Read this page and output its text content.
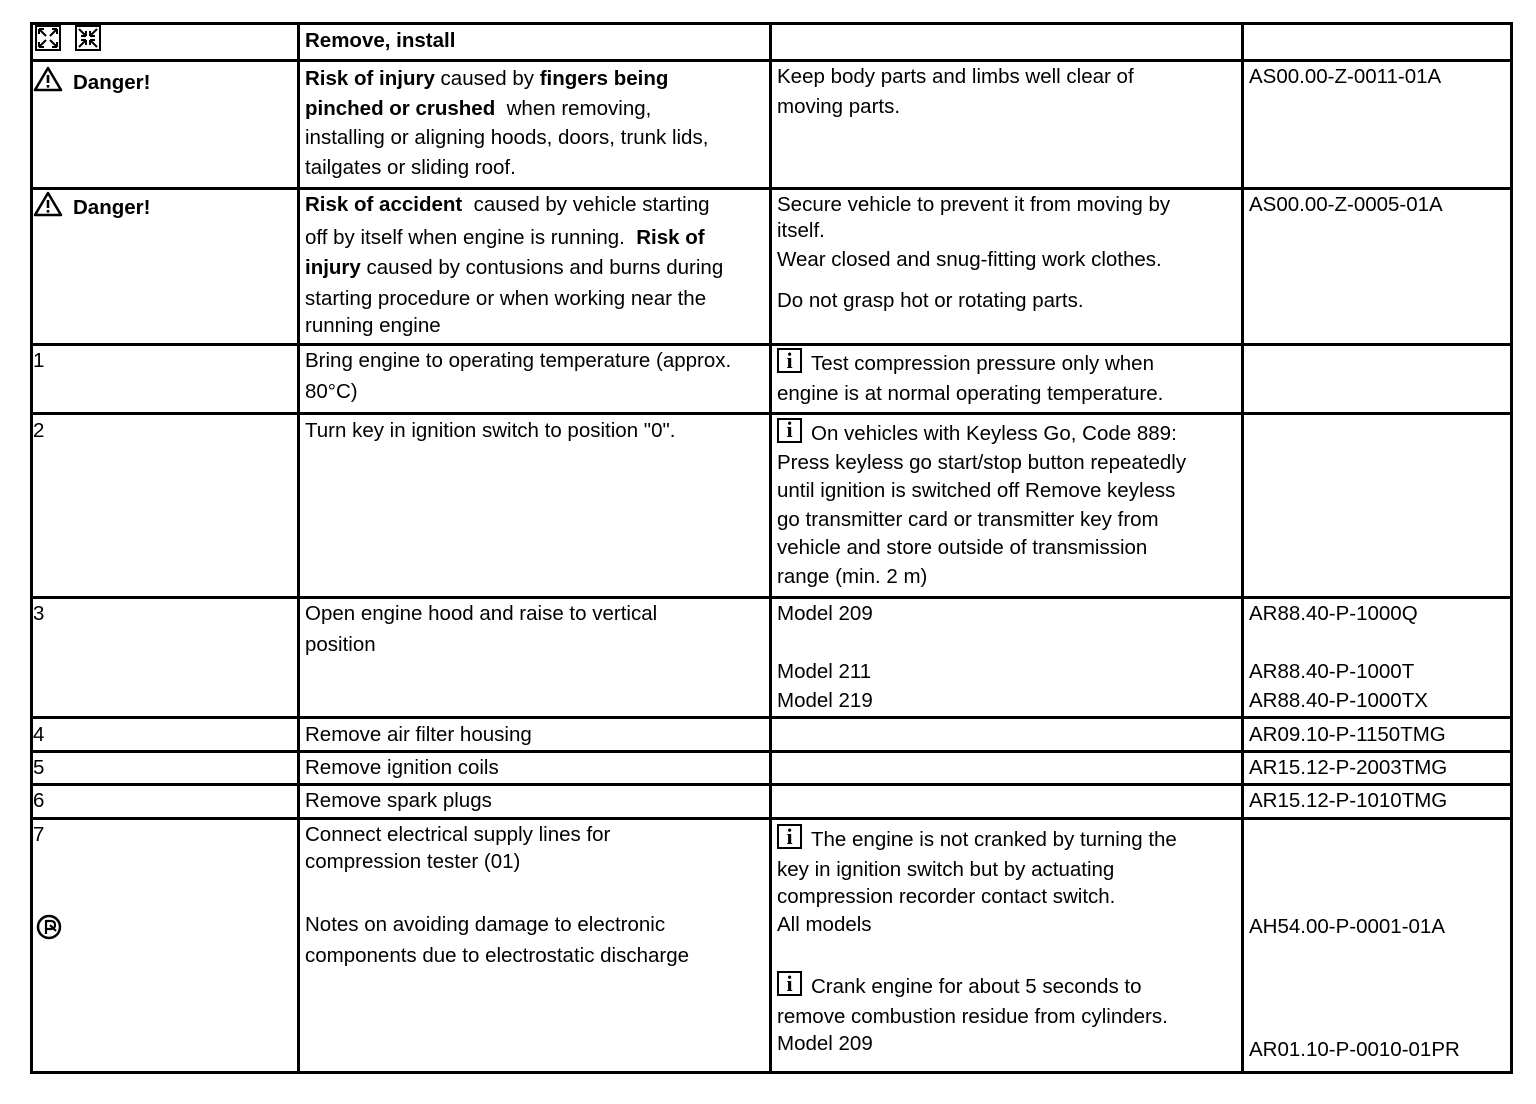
Remove, install
Danger!	Risk of injury caused by fingers being
pinched or crushed  when removing,
installing or aligning hoods, doors, trunk lids,
tailgates or sliding roof.
Keep body parts and limbs well clear of
moving parts.
AS00.00-Z-0011-01A
Danger!	Risk of accident  caused by vehicle starting
off by itself when engine is running.  Risk of
injury caused by contusions and burns during
starting procedure or when working near the
running engine
Secure vehicle to prevent it from moving by
itself.
Wear closed and snug-fitting work clothes.
Do not grasp hot or rotating parts.
AS00.00-Z-0005-01A
1	Bring engine to operating temperature (approx.
80°C)
iTest compression pressure only when
engine is at normal operating temperature.
2	Turn key in ignition switch to position "0".
i	On vehicles with Keyless Go, Code 889:
Press keyless go start/stop button repeatedly
until ignition is switched off Remove keyless
go transmitter card or transmitter key from
vehicle and store outside of transmission
range (min. 2 m)
3	Open engine hood and raise to vertical
position
Model 209
Model 211
Model 219
AR88.40-P-1000Q
AR88.40-P-1000T
AR88.40-P-1000TX
4	Remove air filter housing	AR09.10-P-1150TMG
5	Remove ignition coils	AR15.12-P-2003TMG
6	Remove spark plugs	AR15.12-P-1010TMG
7	Connect electrical supply lines for
compression tester (01)
Notes on avoiding damage to electronic
components due to electrostatic discharge
iThe engine is not cranked by turning the
key in ignition switch but by actuating
compression recorder contact switch.
All models
iCrank engine for about 5 seconds to
remove combustion residue from cylinders.
Model 209
AH54.00-P-0001-01A
AR01.10-P-0010-01PR
